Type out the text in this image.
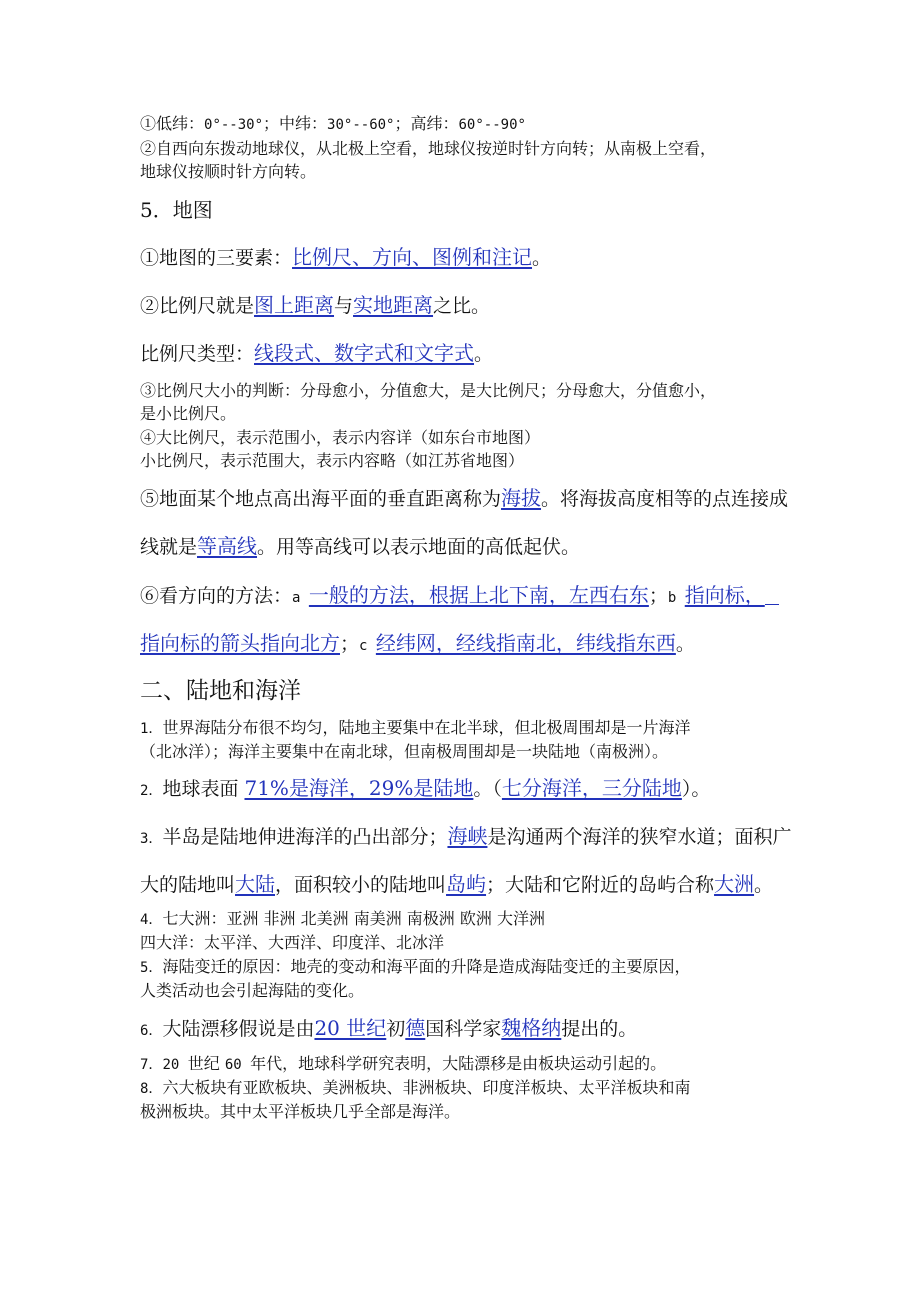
①低纬：0°--30°；中纬：30°--60°；高纬：60°--90°
②自西向东拨动地球仪，从北极上空看，地球仪按逆时针方向转；从南极上空看，
地球仪按顺时针方向转。
5．地图
①地图的三要素：比例尺、方向、图例和注记。
②比例尺就是图上距离与实地距离之比。
比例尺类型：线段式、数字式和文字式。
③比例尺大小的判断：分母愈小，分值愈大，是大比例尺；分母愈大，分值愈小，
是小比例尺。
④大比例尺，表示范围小，表示内容详（如东台市地图）
小比例尺，表示范围大，表示内容略（如江苏省地图）
⑤地面某个地点高出海平面的垂直距离称为海拔。将海拔高度相等的点连接成
线就是等高线。用等高线可以表示地面的高低起伏。
⑥看方向的方法：a 一般的方法，根据上北下南，左西右东；b 指向标，
指向标的箭头指向北方；c 经纬网，经线指南北，纬线指东西。
二、陆地和海洋
1．世界海陆分布很不均匀，陆地主要集中在北半球，但北极周围却是一片海洋
（北冰洋）；海洋主要集中在南北球，但南极周围却是一块陆地（南极洲）。
2．地球表面 71%是海洋，29%是陆地。（七分海洋，三分陆地）。
3．半岛是陆地伸进海洋的凸出部分；海峡是沟通两个海洋的狭窄水道；面积广
大的陆地叫大陆，面积较小的陆地叫岛屿；大陆和它附近的岛屿合称大洲。
4．七大洲：亚洲 非洲 北美洲 南美洲 南极洲 欧洲 大洋洲
四大洋：太平洋、大西洋、印度洋、北冰洋
5．海陆变迁的原因：地壳的变动和海平面的升降是造成海陆变迁的主要原因，
人类活动也会引起海陆的变化。
6．大陆漂移假说是由20 世纪初德国科学家魏格纳提出的。
7．20 世纪 60 年代，地球科学研究表明，大陆漂移是由板块运动引起的。
8．六大板块有亚欧板块、美洲板块、非洲板块、印度洋板块、太平洋板块和南
极洲板块。其中太平洋板块几乎全部是海洋。
